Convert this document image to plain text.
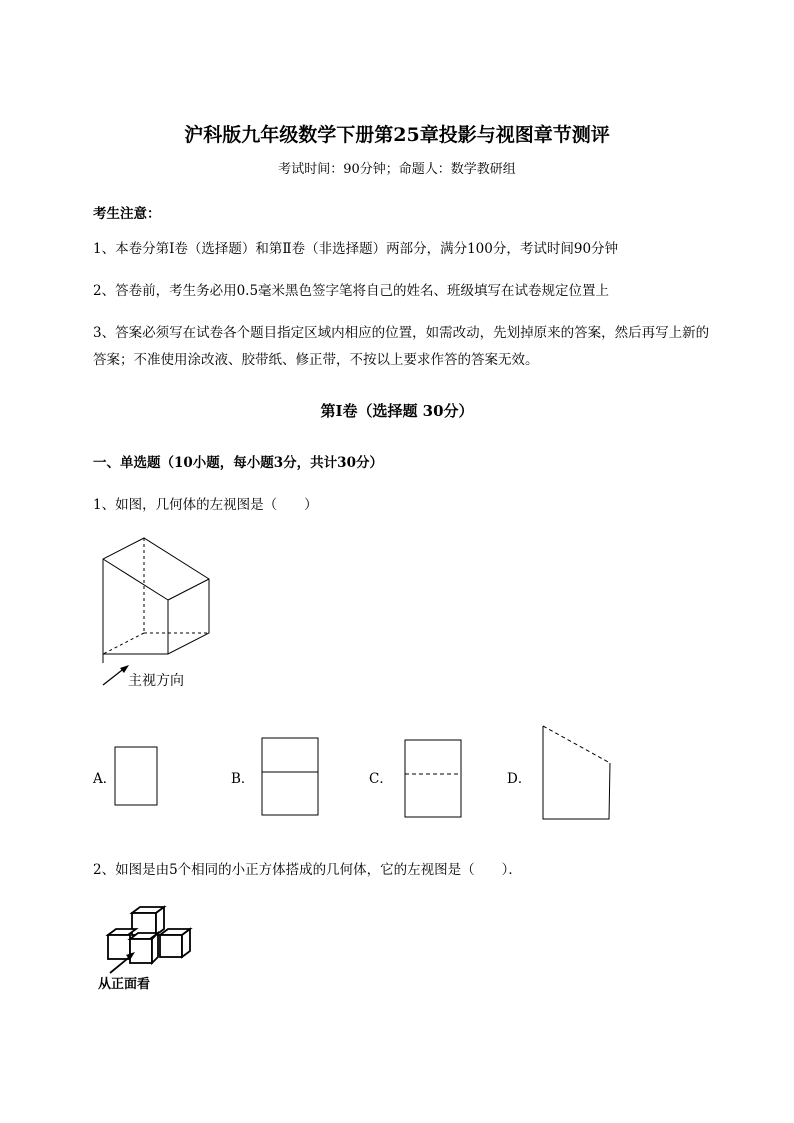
沪科版九年级数学下册第25章投影与视图章节测评
考试时间：90分钟；命题人：数学教研组
考生注意：
1、本卷分第I卷（选择题）和第Ⅱ卷（非选择题）两部分，满分100分，考试时间90分钟
2、答卷前，考生务必用0.5毫米黑色签字笔将自己的姓名、班级填写在试卷规定位置上
3、答案必须写在试卷各个题目指定区域内相应的位置，如需改动，先划掉原来的答案，然后再写上新的答案；不准使用涂改液、胶带纸、修正带，不按以上要求作答的答案无效。
第I卷（选择题 30分）
一、单选题（10小题，每小题3分，共计30分）
1、如图，几何体的左视图是（　　）
主视方向
A．	B．	C．	D．
2、如图是由5个相同的小正方体搭成的几何体，它的左视图是（　　）．
从正面看
